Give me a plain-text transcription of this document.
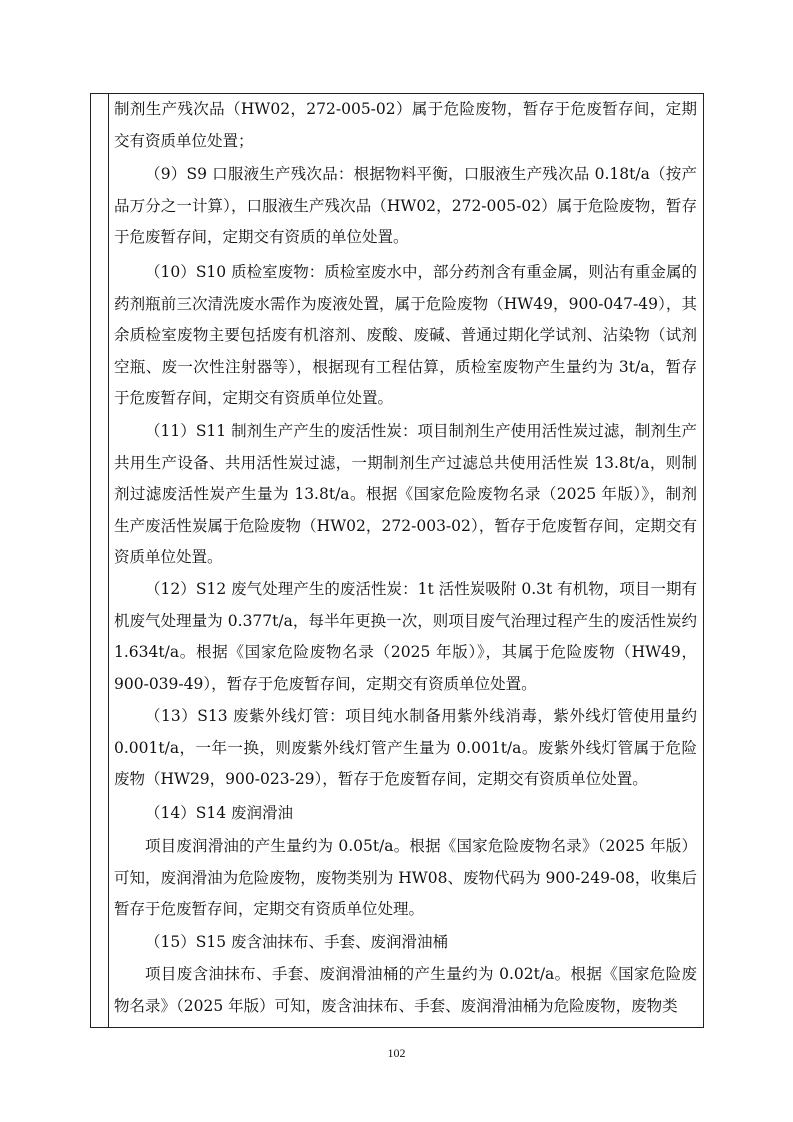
制剂生产残次品（HW02，272-005-02）属于危险废物，暂存于危废暂存间，定期交有资质单位处置；

（9）S9 口服液生产残次品：根据物料平衡，口服液生产残次品 0.18t/a（按产品万分之一计算），口服液生产残次品（HW02，272-005-02）属于危险废物，暂存于危废暂存间，定期交有资质的单位处置。

（10）S10 质检室废物：质检室废水中，部分药剂含有重金属，则沾有重金属的药剂瓶前三次清洗废水需作为废液处置，属于危险废物（HW49，900-047-49），其余质检室废物主要包括废有机溶剂、废酸、废碱、普通过期化学试剂、沾染物（试剂空瓶、废一次性注射器等），根据现有工程估算，质检室废物产生量约为 3t/a，暂存于危废暂存间，定期交有资质单位处置。

（11）S11 制剂生产产生的废活性炭：项目制剂生产使用活性炭过滤，制剂生产共用生产设备、共用活性炭过滤，一期制剂生产过滤总共使用活性炭 13.8t/a，则制剂过滤废活性炭产生量为 13.8t/a。根据《国家危险废物名录（2025 年版）》，制剂生产废活性炭属于危险废物（HW02，272-003-02），暂存于危废暂存间，定期交有资质单位处置。

（12）S12 废气处理产生的废活性炭：1t 活性炭吸附 0.3t 有机物，项目一期有机废气处理量为 0.377t/a，每半年更换一次，则项目废气治理过程产生的废活性炭约 1.634t/a。根据《国家危险废物名录（2025 年版）》，其属于危险废物（HW49，900-039-49），暂存于危废暂存间，定期交有资质单位处置。

（13）S13 废紫外线灯管：项目纯水制备用紫外线消毒，紫外线灯管使用量约 0.001t/a，一年一换，则废紫外线灯管产生量为 0.001t/a。废紫外线灯管属于危险废物（HW29，900-023-29），暂存于危废暂存间，定期交有资质单位处置。

（14）S14 废润滑油

项目废润滑油的产生量约为 0.05t/a。根据《国家危险废物名录》（2025 年版）可知，废润滑油为危险废物，废物类别为 HW08、废物代码为 900-249-08，收集后暂存于危废暂存间，定期交有资质单位处理。

（15）S15 废含油抹布、手套、废润滑油桶

项目废含油抹布、手套、废润滑油桶的产生量约为 0.02t/a。根据《国家危险废物名录》（2025 年版）可知，废含油抹布、手套、废润滑油桶为危险废物，废物类

102
